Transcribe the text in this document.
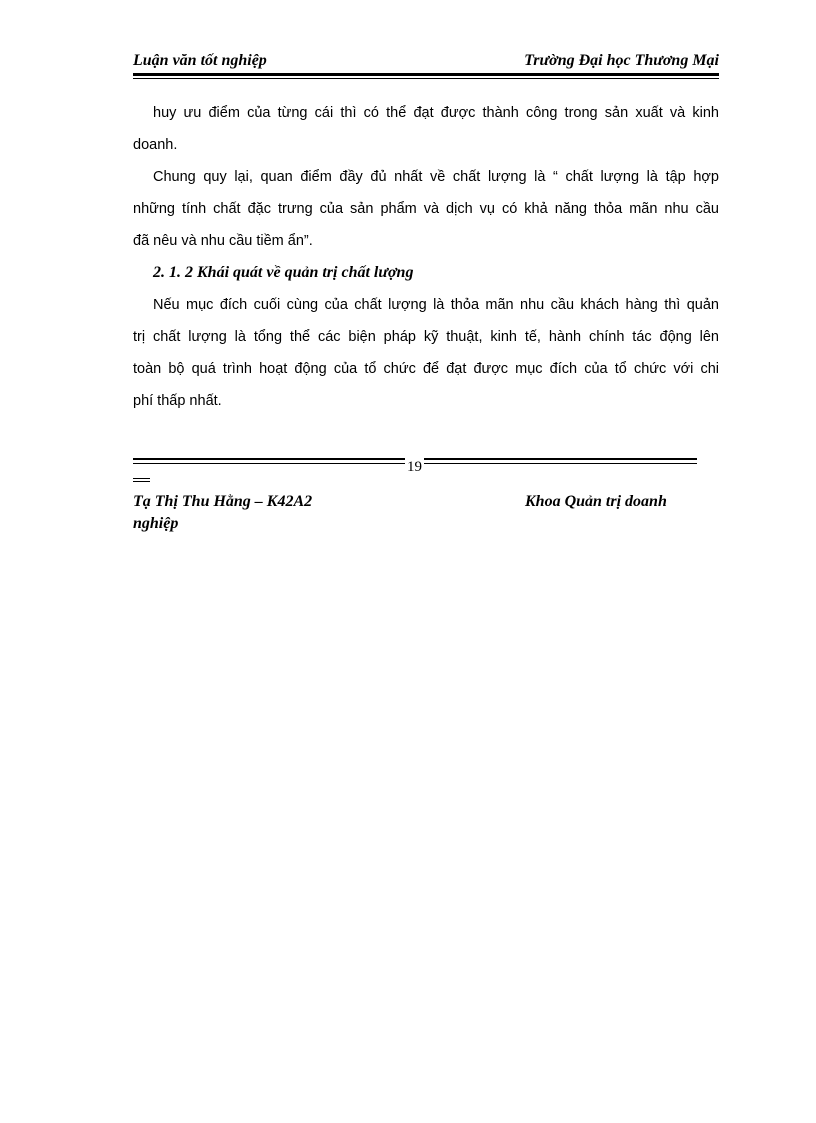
Luận văn tốt nghiệp	Trường Đại học Thương Mại

huy ưu điểm của từng cái thì có thể đạt được thành công trong sản xuất và kinh

doanh.

Chung quy lại, quan điểm đầy đủ nhất về chất lượng là “ chất lượng là tập hợp

những tính chất đặc trưng của sản phẩm và dịch vụ có khả năng thỏa mãn nhu cầu

đã nêu và nhu cầu tiềm ẩn”.

2. 1. 2 Khái quát về quản trị chất lượng

Nếu mục đích cuối cùng của chất lượng là thỏa mãn nhu cầu khách hàng thì quản

trị chất lượng là tổng thể các biện pháp kỹ thuật, kinh tế, hành chính tác động lên

toàn bộ quá trình hoạt động của tổ chức để đạt được mục đích của tổ chức với chi

phí thấp nhất.

19
Tạ Thị Thu Hằng – K42A2	Khoa Quản trị doanh
nghiệp
